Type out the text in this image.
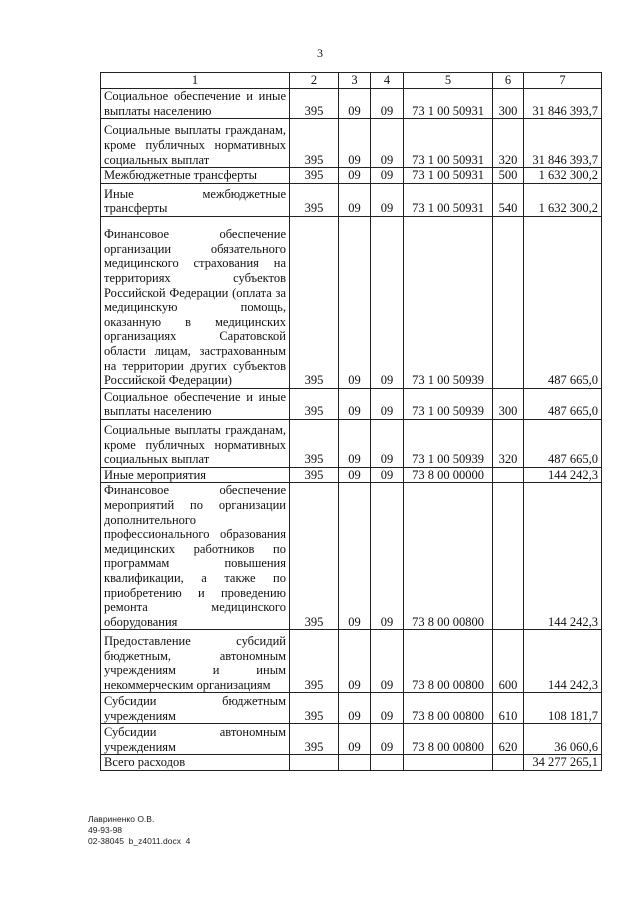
3
1	2	3	4	5	6	7
Социальное обеспечение и иные выплаты населению	395	09	09	73 1 00 50931	300	31 846 393,7
Социальные выплаты гражданам, кроме публичных нормативных социальных выплат	395	09	09	73 1 00 50931	320	31 846 393,7
Межбюджетные трансферты	395	09	09	73 1 00 50931	500	1 632 300,2
Иные межбюджетные трансферты	395	09	09	73 1 00 50931	540	1 632 300,2
Финансовое обеспечение организации обязательного медицинского страхования на территориях субъектов Российской Федерации (оплата за медицинскую помощь, оказанную в медицинских организациях Саратовской области лицам, застрахованным на территории других субъектов Российской Федерации)	395	09	09	73 1 00 50939		487 665,0
Социальное обеспечение и иные выплаты населению	395	09	09	73 1 00 50939	300	487 665,0
Социальные выплаты гражданам, кроме публичных нормативных социальных выплат	395	09	09	73 1 00 50939	320	487 665,0
Иные мероприятия	395	09	09	73 8 00 00000		144 242,3
Финансовое обеспечение мероприятий по организации дополнительного профессионального образования медицинских работников по программам повышения квалификации, а также по приобретению и проведению ремонта медицинского оборудования	395	09	09	73 8 00 00800		144 242,3
Предоставление субсидий бюджетным, автономным учреждениям и иным некоммерческим организациям	395	09	09	73 8 00 00800	600	144 242,3
Субсидии бюджетным учреждениям	395	09	09	73 8 00 00800	610	108 181,7
Субсидии автономным учреждениям	395	09	09	73 8 00 00800	620	36 060,6
Всего расходов						34 277 265,1
Лавриненко О.В.
49-93-98
02-38045  b_z4011.docx  4
